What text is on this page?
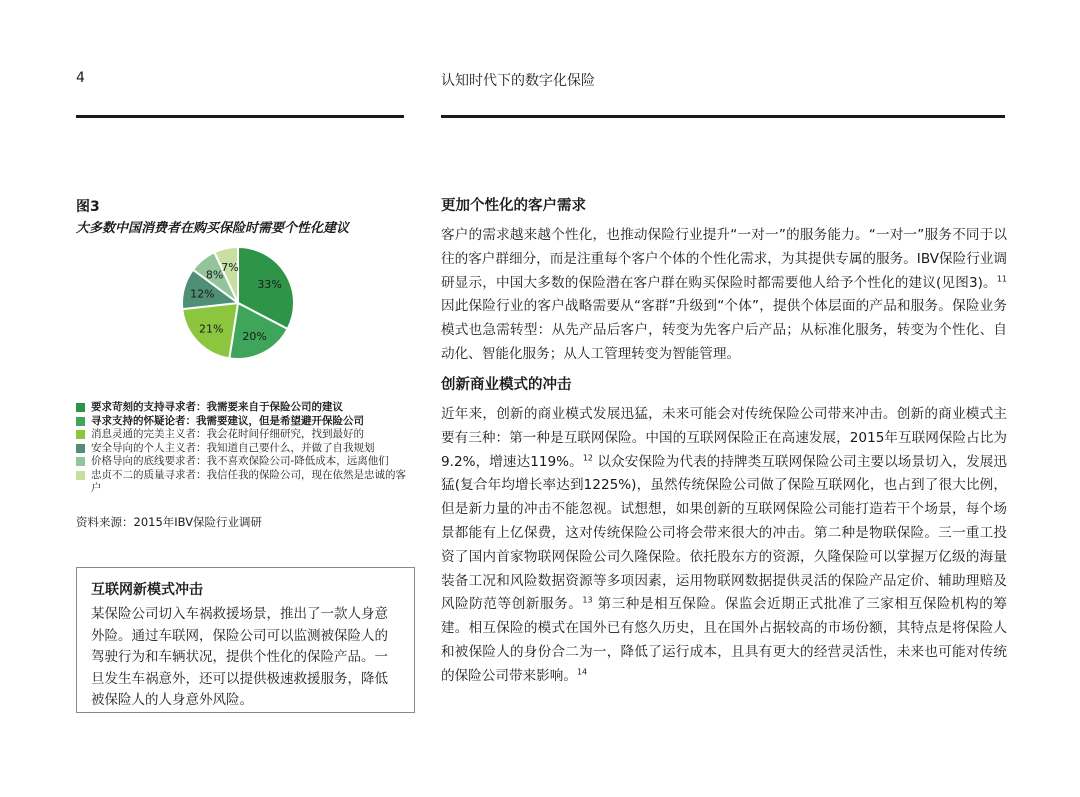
4	认知时代下的数字化保险
图3
大多数中国消费者在购买保险时需要个性化建议
33%
20%
21%
12%
8%
7%
要求苛刻的支持寻求者：我需要来自于保险公司的建议
寻求支持的怀疑论者：我需要建议，但是希望避开保险公司
消息灵通的完美主义者：我会花时间仔细研究，找到最好的
安全导向的个人主义者：我知道自己要什么，并做了自我规划
价格导向的底线要求者：我不喜欢保险公司-降低成本，远离他们
忠贞不二的质量寻求者：我信任我的保险公司，现在依然是忠诚的客户
资料来源：2015年IBV保险行业调研
互联网新模式冲击
某保险公司切入车祸救援场景，推出了一款人身意外险。通过车联网，保险公司可以监测被保险人的驾驶行为和车辆状况，提供个性化的保险产品。一旦发生车祸意外，还可以提供极速救援服务，降低被保险人的人身意外风险。
更加个性化的客户需求
客户的需求越来越个性化，也推动保险行业提升“一对一”的服务能力。“一对一”服务不同于以往的客户群细分，而是注重每个客户个体的个性化需求，为其提供专属的服务。IBV保险行业调研显示，中国大多数的保险潜在客户群在购买保险时都需要他人给予个性化的建议(见图3)。$^{11}$ 因此保险行业的客户战略需要从“客群”升级到“个体”，提供个体层面的产品和服务。保险业务模式也急需转型：从先产品后客户，转变为先客户后产品；从标准化服务，转变为个性化、自动化、智能化服务；从人工管理转变为智能管理。
创新商业模式的冲击
近年来，创新的商业模式发展迅猛，未来可能会对传统保险公司带来冲击。创新的商业模式主要有三种：第一种是互联网保险。中国的互联网保险正在高速发展，2015年互联网保险占比为9.2%，增速达119%。$^{12}$ 以众安保险为代表的持牌类互联网保险公司主要以场景切入，发展迅猛(复合年均增长率达到1225%)，虽然传统保险公司做了保险互联网化，也占到了很大比例，但是新力量的冲击不能忽视。试想想，如果创新的互联网保险公司能打造若干个场景，每个场景都能有上亿保费，这对传统保险公司将会带来很大的冲击。第二种是物联保险。三一重工投资了国内首家物联网保险公司久隆保险。依托股东方的资源，久隆保险可以掌握万亿级的海量装备工况和风险数据资源等多项因素，运用物联网数据提供灵活的保险产品定价、辅助理赔及风险防范等创新服务。$^{13}$ 第三种是相互保险。保监会近期正式批准了三家相互保险机构的筹建。相互保险的模式在国外已有悠久历史，且在国外占据较高的市场份额，其特点是将保险人和被保险人的身份合二为一，降低了运行成本，且具有更大的经营灵活性，未来也可能对传统的保险公司带来影响。$^{14}$
